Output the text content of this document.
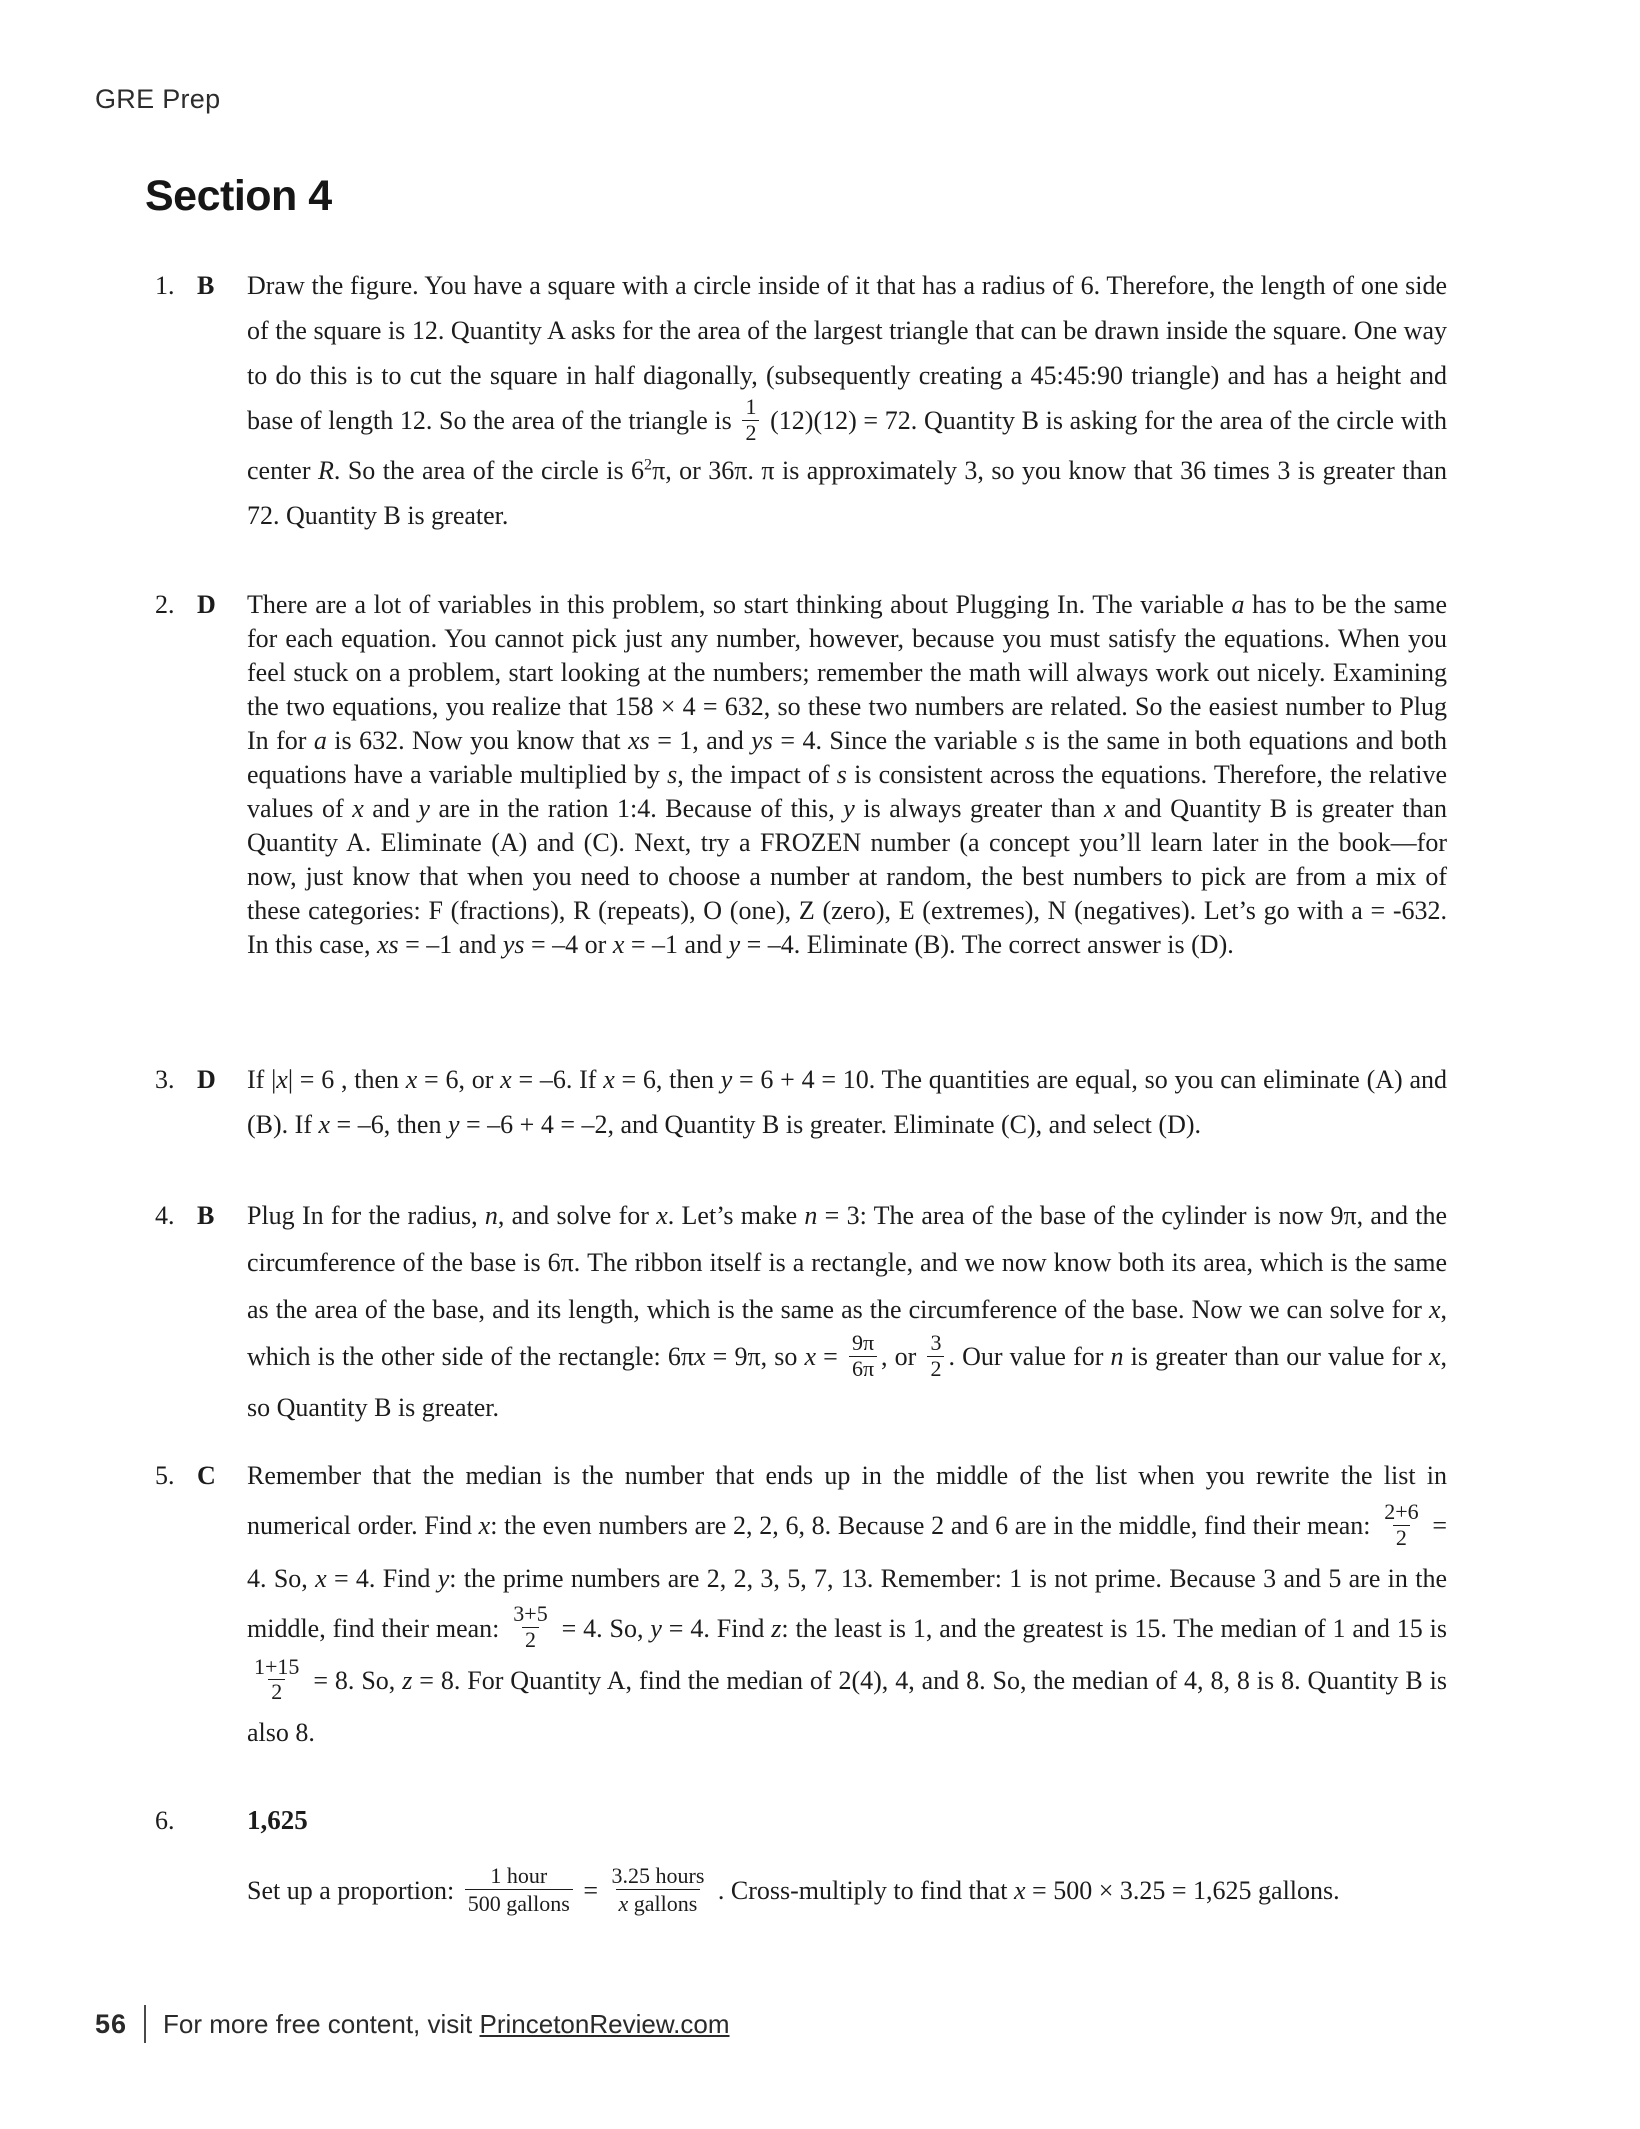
GRE Prep
Section 4
1. B	Draw the figure. You have a square with a circle inside of it that has a radius of 6. Therefore, the length of one side of the square is 12. Quantity A asks for the area of the largest triangle that can be drawn inside the square. One way to do this is to cut the square in half diagonally, (subsequently creating a 45:45:90 triangle) and has a height and base of length 12. So the area of the triangle is $\frac{1}{2} (12)(12) = 72$. Quantity B is asking for the area of the circle with center R. So the area of the circle is $6^2\pi$, or 36π. π is approximately 3, so you know that 36 times 3 is greater than 72. Quantity B is greater.
2. D	There are a lot of variables in this problem, so start thinking about Plugging In. The variable a has to be the same for each equation. You cannot pick just any number, however, because you must satisfy the equations. When you feel stuck on a problem, start looking at the numbers; remember the math will always work out nicely. Examining the two equations, you realize that 158 × 4 = 632, so these two numbers are related. So the easiest number to Plug In for a is 632. Now you know that xs = 1, and ys = 4. Since the variable s is the same in both equations and both equations have a variable multiplied by s, the impact of s is consistent across the equations. Therefore, the relative values of x and y are in the ration 1:4. Because of this, y is always greater than x and Quantity B is greater than Quantity A. Eliminate (A) and (C). Next, try a FROZEN number (a concept you’ll learn later in the book—for now, just know that when you need to choose a number at random, the best numbers to pick are from a mix of these categories: F (fractions), R (repeats), O (one), Z (zero), E (extremes), N (negatives). Let’s go with a = -632. In this case, xs = –1 and ys = –4 or x = –1 and y = –4. Eliminate (B). The correct answer is (D).
3. D	If |x| = 6 , then x = 6, or x = –6. If x = 6, then y = 6 + 4 = 10. The quantities are equal, so you can eliminate (A) and (B). If x = –6, then y = –6 + 4 = –2, and Quantity B is greater. Eliminate (C), and select (D).
4. B	Plug In for the radius, n, and solve for x. Let’s make n = 3: The area of the base of the cylinder is now 9π, and the circumference of the base is 6π. The ribbon itself is a rectangle, and we now know both its area, which is the same as the area of the base, and its length, which is the same as the circumference of the base. Now we can solve for x, which is the other side of the rectangle: 6πx = 9π, so $x = \frac{9\pi}{6\pi}$ , or $\frac{3}{2}$ . Our value for n is greater than our value for x, so Quantity B is greater.
5. C	Remember that the median is the number that ends up in the middle of the list when you rewrite the list in numerical order. Find x: the even numbers are 2, 2, 6, 8. Because 2 and 6 are in the middle, find their mean: $\frac{2+6}{2} = 4$. So, x = 4. Find y: the prime numbers are 2, 2, 3, 5, 7, 13. Remember: 1 is not prime. Because 3 and 5 are in the middle, find their mean: $\frac{3+5}{2} = 4$. So, y = 4. Find z: the least is 1, and the greatest is 15. The median of 1 and 15 is
$\frac{1+15}{2} = 8$. So, z = 8. For Quantity A, find the median of 2(4), 4, and 8. So, the median of 4, 8, 8 is 8. Quantity B is also 8.
6.	1,625

Set up a proportion: $\frac{\text{1 hour}}{\text{500 gallons}} = \frac{\text{3.25 hours}}{\text{x gallons}}$ . Cross-multiply to find that x = 500 × 3.25 = 1,625 gallons.

56 For more free content, visit PrincetonReview.com
